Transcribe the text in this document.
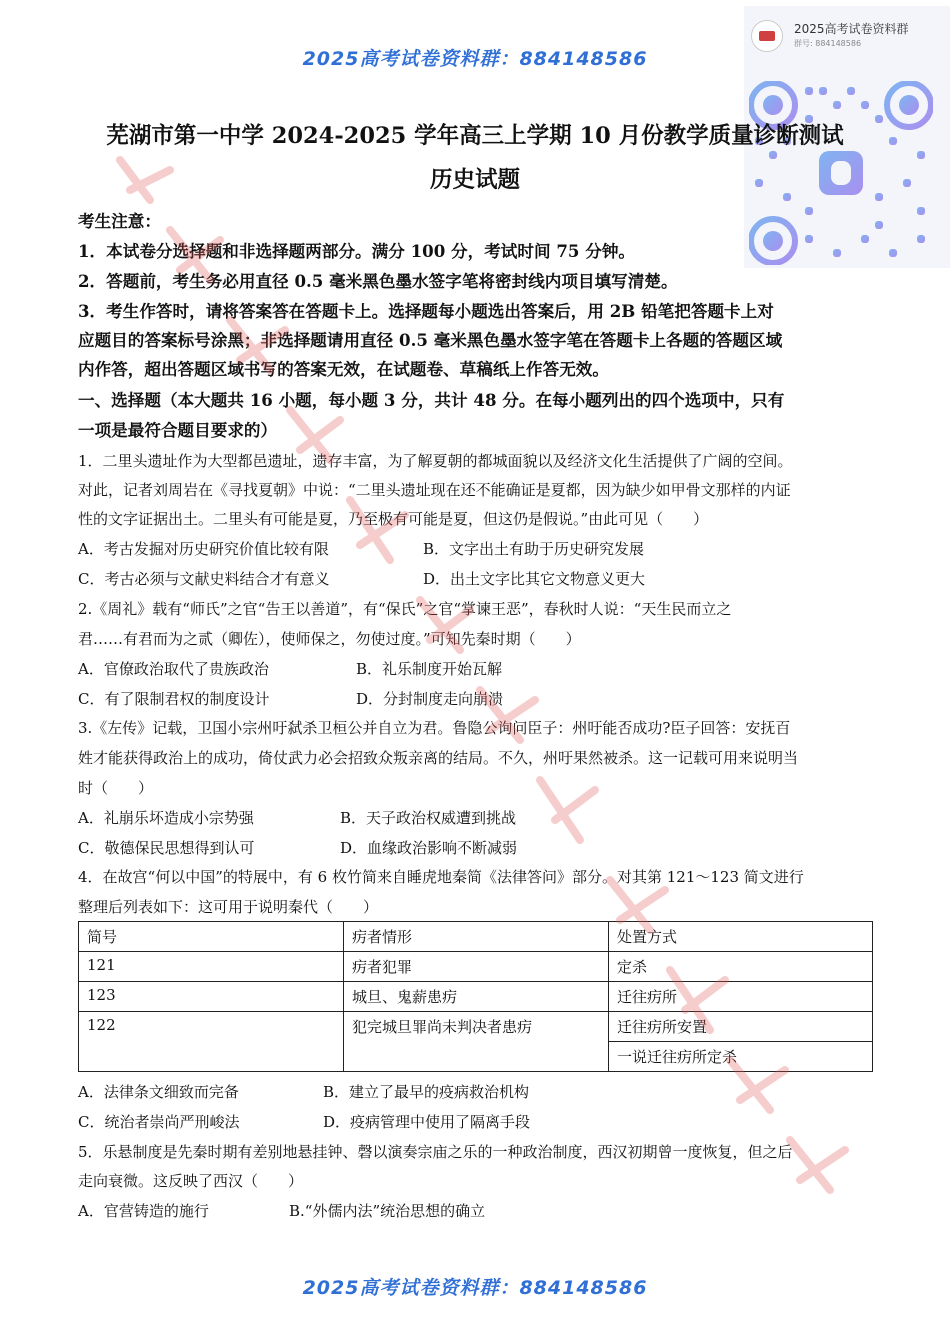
2025高考试卷资料群：884148586
2025高考试卷资料群
群号: 884148586
芜湖市第一中学 2024-2025 学年高三上学期 10 月份教学质量诊断测试
历史试题
考生注意：
1．本试卷分选择题和非选择题两部分。满分 100 分，考试时间 75 分钟。
2．答题前，考生务必用直径 0.5 毫米黑色墨水签字笔将密封线内项目填写清楚。
3．考生作答时，请将答案答在答题卡上。选择题每小题选出答案后，用 2B 铅笔把答题卡上对
应题目的答案标号涂黑；非选择题请用直径 0.5 毫米黑色墨水签字笔在答题卡上各题的答题区域
内作答，超出答题区域书写的答案无效，在试题卷、草稿纸上作答无效。
一、选择题（本大题共 16 小题，每小题 3 分，共计 48 分。在每小题列出的四个选项中，只有
一项是最符合题目要求的）
1．二里头遗址作为大型都邑遗址，遗存丰富，为了解夏朝的都城面貌以及经济文化生活提供了广阔的空间。
对此，记者刘周岩在《寻找夏朝》中说：“二里头遗址现在还不能确证是夏都，因为缺少如甲骨文那样的内证
性的文字证据出土。二里头有可能是夏，乃至极有可能是夏，但这仍是假说。”由此可见（　　）
A．考古发掘对历史研究价值比较有限	B．文字出土有助于历史研究发展
C．考古必须与文献史料结合才有意义	D．出土文字比其它文物意义更大
2.《周礼》载有“师氏”之官“告王以善道”，有“保氏”之官“掌谏王恶”，春秋时人说：“天生民而立之
君……有君而为之贰（卿佐），使师保之，勿使过度。”可知先秦时期（　　）
A．官僚政治取代了贵族政治	B．礼乐制度开始瓦解
C．有了限制君权的制度设计	D．分封制度走向崩溃
3.《左传》记载，卫国小宗州吁弑杀卫桓公并自立为君。鲁隐公询问臣子：州吁能否成功?臣子回答：安抚百
姓才能获得政治上的成功，倚仗武力必会招致众叛亲离的结局。不久，州吁果然被杀。这一记载可用来说明当
时（　　）
A．礼崩乐坏造成小宗势强	B．天子政治权威遭到挑战
C．敬德保民思想得到认可	D．血缘政治影响不断减弱
4．在故宫“何以中国”的特展中，有 6 枚竹简来自睡虎地秦简《法律答问》部分。对其第 121～123 简文进行
整理后列表如下：这可用于说明秦代（　　）
简号	疠者情形	处置方式
121	疠者犯罪	定杀
123	城旦、鬼薪患疠	迁往疠所
122	犯完城旦罪尚未判决者患疠	迁往疠所安置
		一说迁往疠所定杀
A．法律条文细致而完备	B．建立了最早的疫病救治机构
C．统治者崇尚严刑峻法	D．疫病管理中使用了隔离手段
5．乐悬制度是先秦时期有差别地悬挂钟、磬以演奏宗庙之乐的一种政治制度，西汉初期曾一度恢复，但之后
走向衰微。这反映了西汉（　　）
A．官营铸造的施行	B.“外儒内法”统治思想的确立
2025高考试卷资料群：884148586
